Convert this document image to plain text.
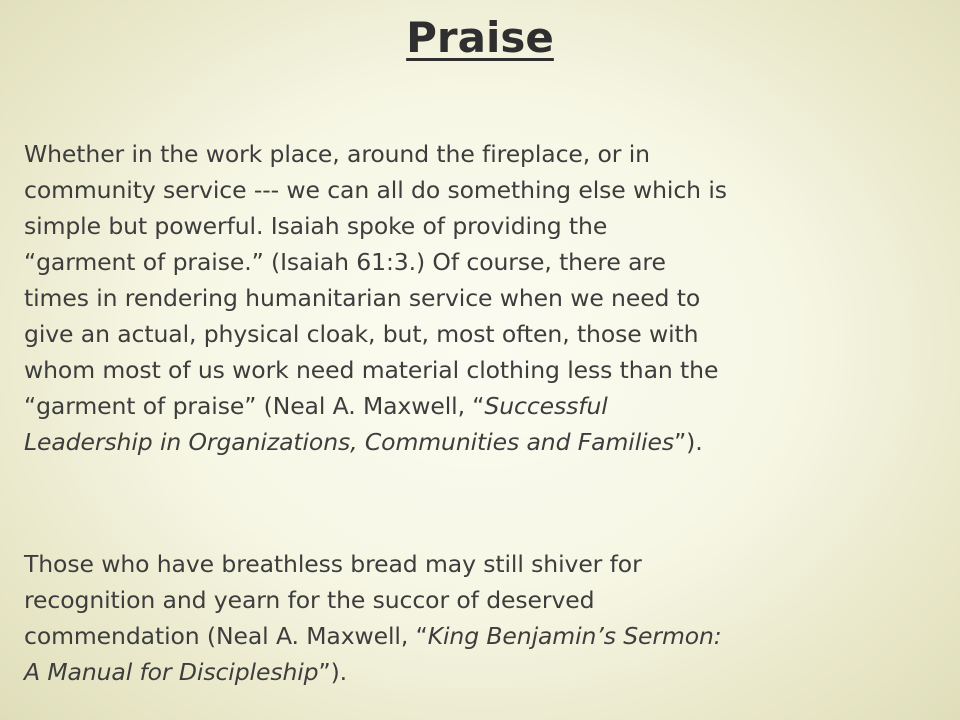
Praise
Whether in the work place, around the fireplace, or in
community service --- we can all do something else which is
simple but powerful. Isaiah spoke of providing the
“garment of praise.” (Isaiah 61:3.) Of course, there are
times in rendering humanitarian service when we need to
give an actual, physical cloak, but, most often, those with
whom most of us work need material clothing less than the
“garment of praise” (Neal A. Maxwell, “Successful
Leadership in Organizations, Communities and Families”).
Those who have breathless bread may still shiver for
recognition and yearn for the succor of deserved
commendation (Neal A. Maxwell, “King Benjamin’s Sermon:
A Manual for Discipleship”).
